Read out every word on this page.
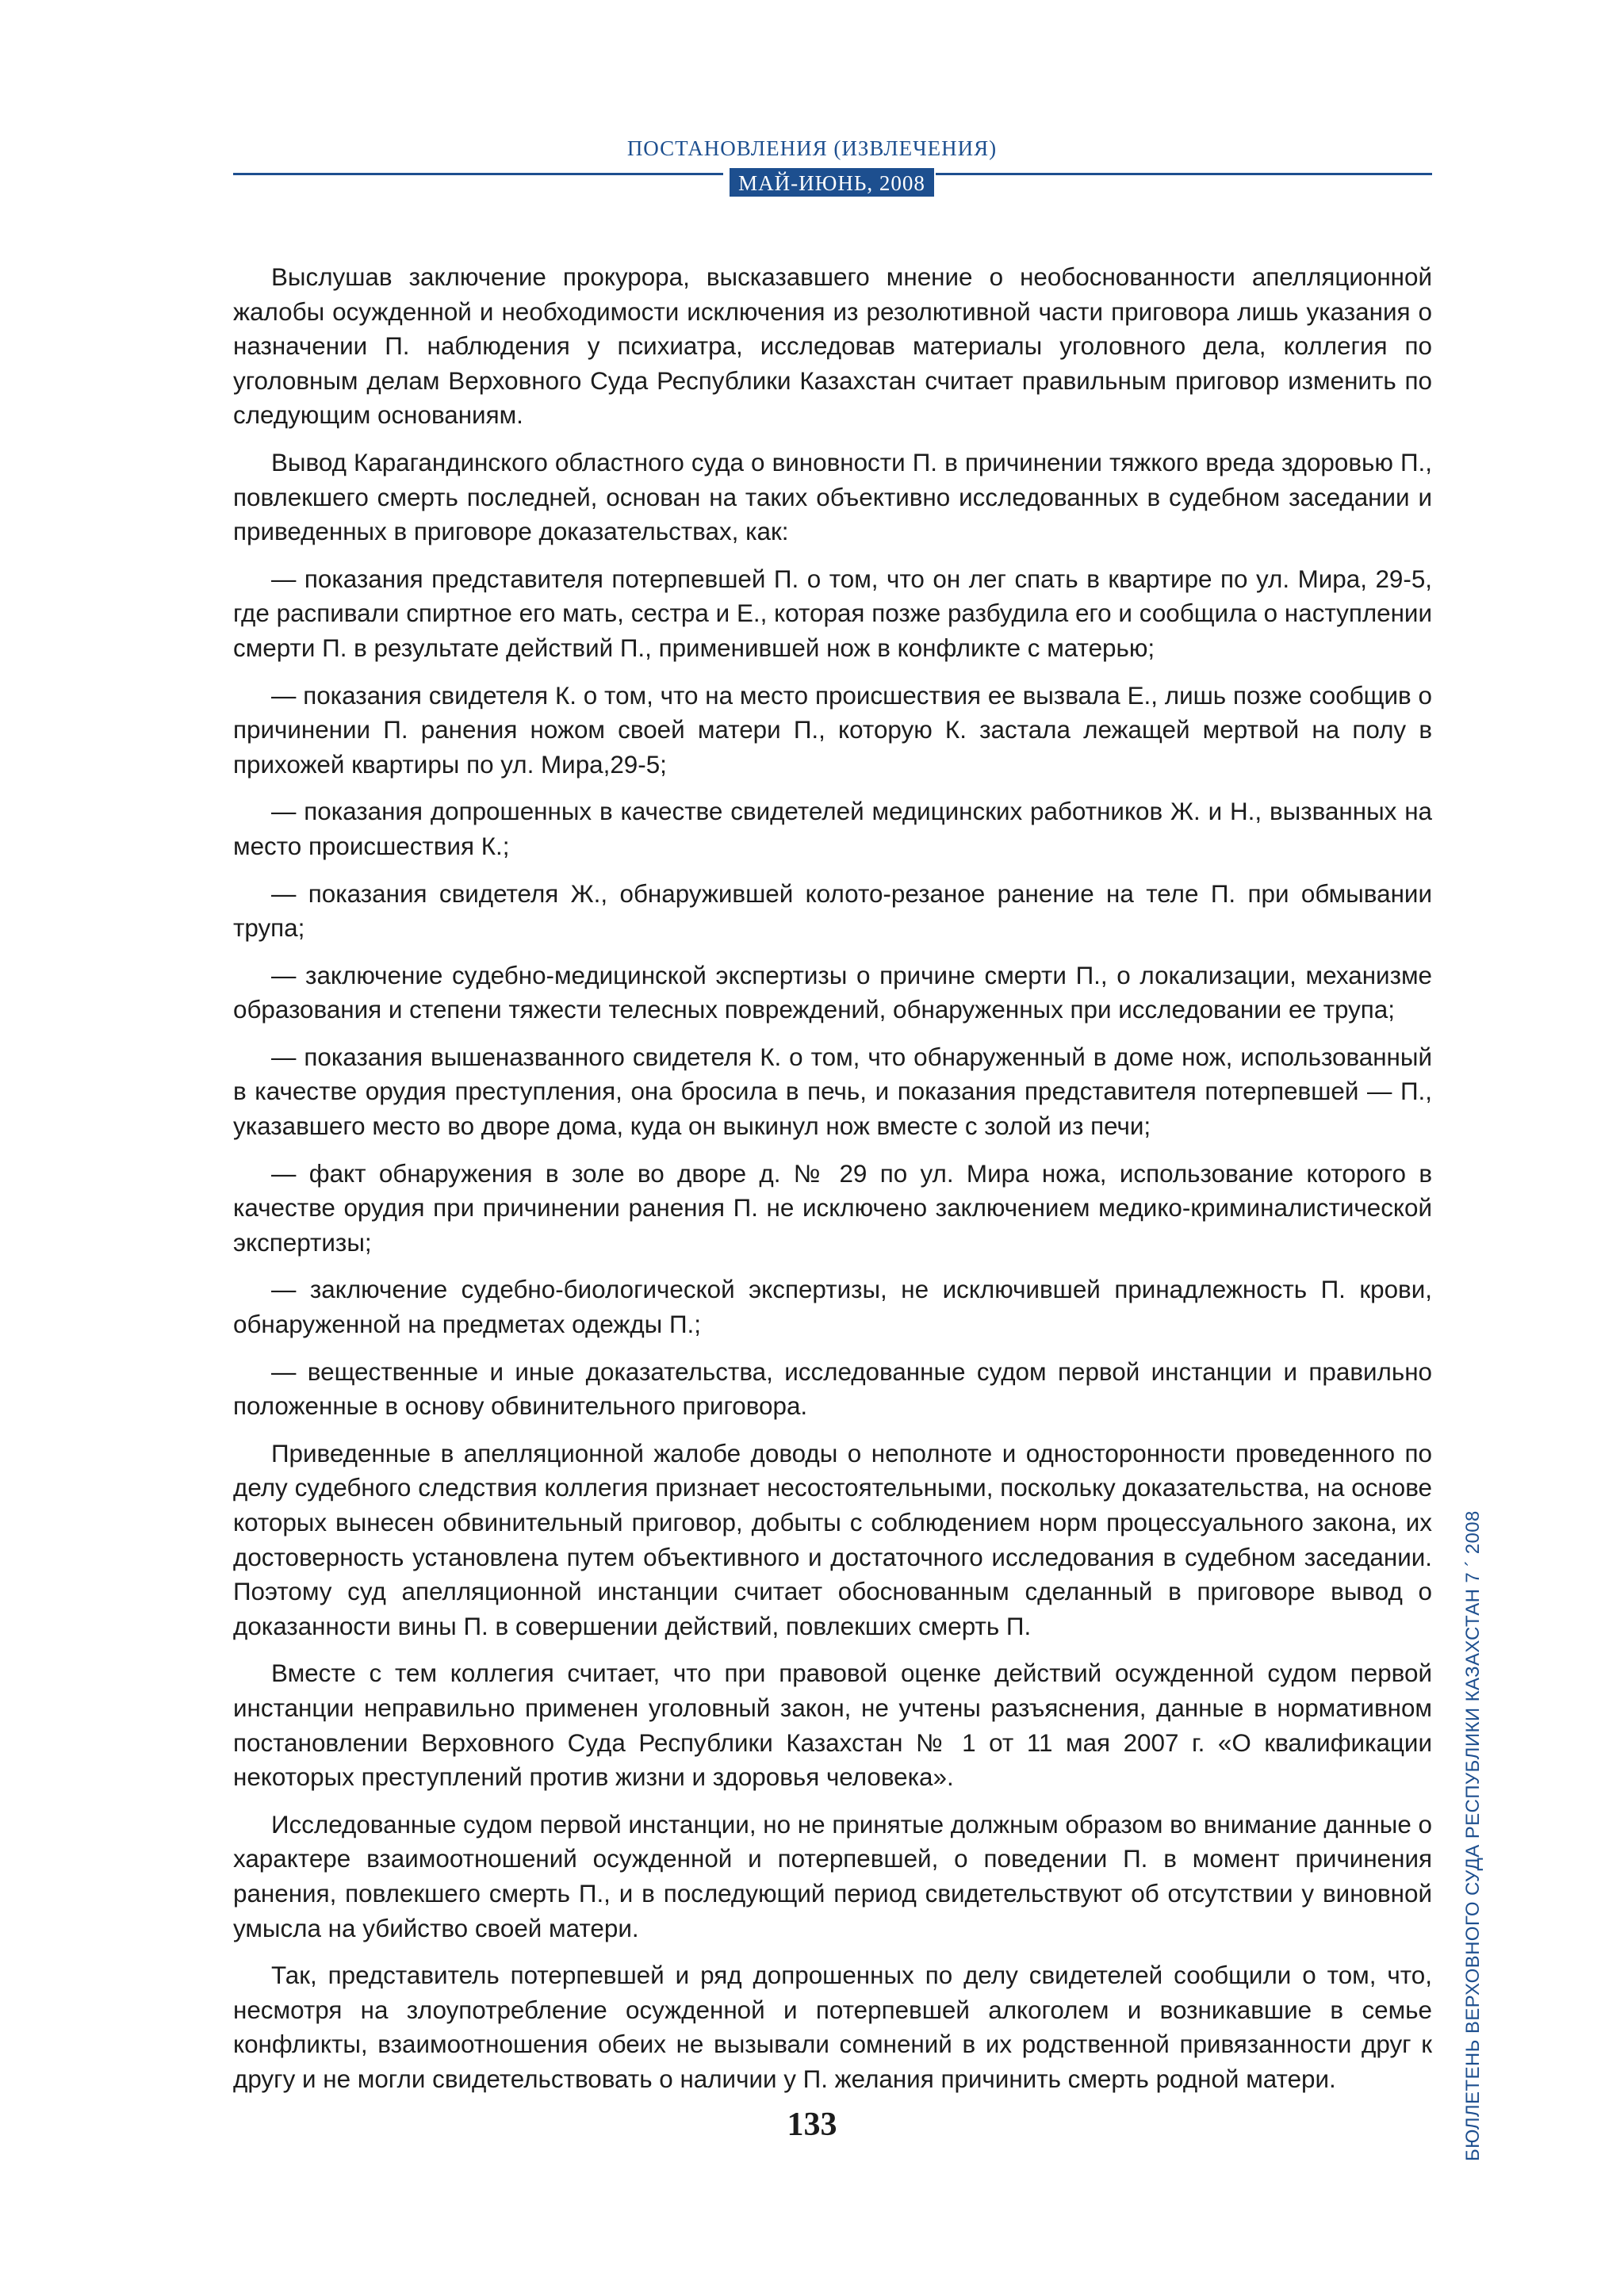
ПОСТАНОВЛЕНИЯ (ИЗВЛЕЧЕНИЯ)
МАЙ-ИЮНЬ, 2008

Выслушав заключение прокурора, высказавшего мнение о необоснованности апелляционной жалобы осужденной и необходимости исключения из резолютивной части приговора лишь указания о назначении П. наблюдения у психиатра, исследовав материалы уголовного дела, коллегия по уголовным делам Верховного Суда Республики Казахстан считает правильным приговор изменить по следующим основаниям.

Вывод Карагандинского областного суда о виновности П. в причинении тяжкого вреда здоровью П., повлекшего смерть последней, основан на таких объективно исследованных в судебном заседании и приведенных в приговоре доказательствах, как:

— показания представителя потерпевшей П. о том, что он лег спать в квартире по ул. Мира, 29-5, где распивали спиртное его мать, сестра и Е., которая позже разбудила его и сообщила о наступлении смерти П. в результате действий П., применившей нож в конфликте с матерью;

— показания свидетеля К. о том, что на место происшествия ее вызвала Е., лишь позже сообщив о причинении П. ранения ножом своей матери П., которую К. застала лежащей мертвой на полу в прихожей квартиры по ул. Мира,29-5;

— показания допрошенных в качестве свидетелей медицинских работников Ж. и Н., вызванных на место происшествия К.;

— показания свидетеля Ж., обнаружившей колото-резаное ранение на теле П. при обмывании трупа;

— заключение судебно-медицинской экспертизы о причине смерти П., о локализации, механизме образования и степени тяжести телесных повреждений, обнаруженных при исследовании ее трупа;

— показания вышеназванного свидетеля К. о том, что обнаруженный в доме нож, использованный в качестве орудия преступления, она бросила в печь, и показания представителя потерпевшей — П., указавшего место во дворе дома, куда он выкинул нож вместе с золой из печи;

— факт обнаружения в золе во дворе д. № 29 по ул. Мира ножа, использование которого в качестве орудия при причинении ранения П. не исключено заключением медико-криминалистической экспертизы;

— заключение судебно-биологической экспертизы, не исключившей принадлежность П. крови, обнаруженной на предметах одежды П.;

— вещественные и иные доказательства, исследованные судом первой инстанции и правильно положенные в основу обвинительного приговора.

Приведенные в апелляционной жалобе доводы о неполноте и односторонности проведенного по делу судебного следствия коллегия признает несостоятельными, поскольку доказательства, на основе которых вынесен обвинительный приговор, добыты с соблюдением норм процессуального закона, их достоверность установлена путем объективного и достаточного исследования в судебном заседании. Поэтому суд апелляционной инстанции считает обоснованным сделанный в приговоре вывод о доказанности вины П. в совершении действий, повлекших смерть П.

Вместе с тем коллегия считает, что при правовой оценке действий осужденной судом первой инстанции неправильно применен уголовный закон, не учтены разъяснения, данные в нормативном постановлении Верховного Суда Республики Казахстан № 1 от 11 мая 2007 г. «О квалификации некоторых преступлений против жизни и здоровья человека».

Исследованные судом первой инстанции, но не принятые должным образом во внимание данные о характере взаимоотношений осужденной и потерпевшей, о поведении П. в момент причинения ранения, повлекшего смерть П., и в последующий период свидетельствуют об отсутствии у виновной умысла на убийство своей матери.

Так, представитель потерпевшей и ряд допрошенных по делу свидетелей сообщили о том, что, несмотря на злоупотребление осужденной и потерпевшей алкоголем и возникавшие в семье конфликты, взаимоотношения обеих не вызывали сомнений в их родственной привязанности друг к другу и не могли свидетельствовать о наличии у П. желания причинить смерть родной матери.

133	БЮЛЛЕТЕНЬ ВЕРХОВНОГО СУДА РЕСПУБЛИКИ КАЗАХСТАН 7 ´ 2008
